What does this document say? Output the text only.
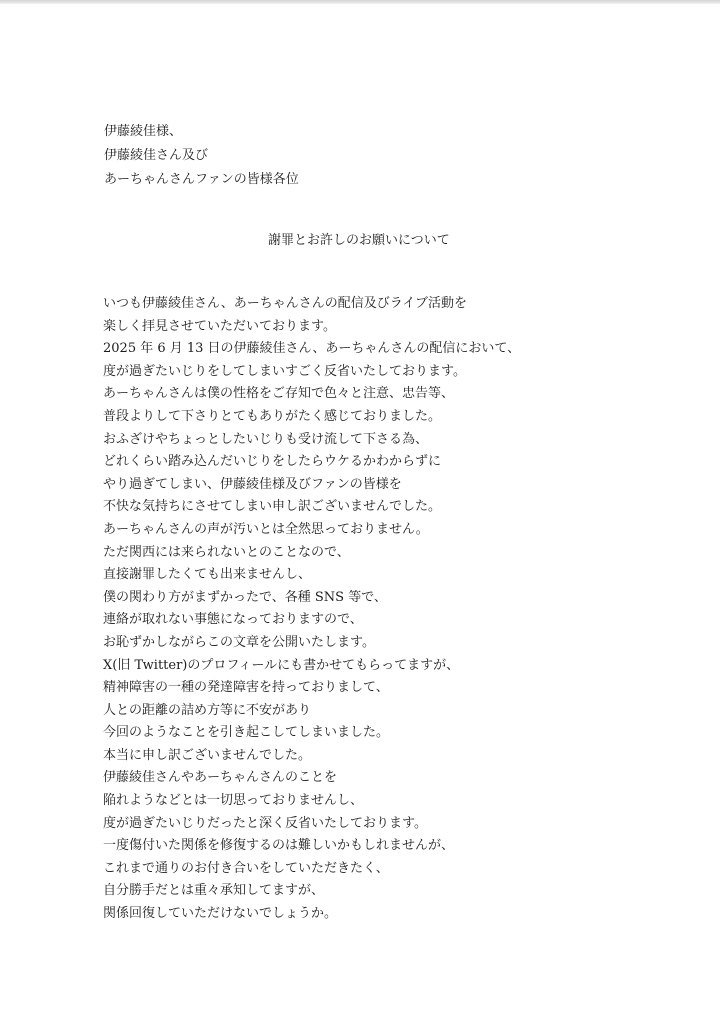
伊藤綾佳様、
伊藤綾佳さん及び
あーちゃんさんファンの皆様各位
謝罪とお許しのお願いについて
いつも伊藤綾佳さん、あーちゃんさんの配信及びライブ活動を
楽しく拝見させていただいております。
2025 年 6 月 13 日の伊藤綾佳さん、あーちゃんさんの配信において、
度が過ぎたいじりをしてしまいすごく反省いたしております。
あーちゃんさんは僕の性格をご存知で色々と注意、忠告等、
普段よりして下さりとてもありがたく感じておりました。
おふざけやちょっとしたいじりも受け流して下さる為、
どれくらい踏み込んだいじりをしたらウケるかわからずに
やり過ぎてしまい、伊藤綾佳様及びファンの皆様を
不快な気持ちにさせてしまい申し訳ございませんでした。
あーちゃんさんの声が汚いとは全然思っておりません。
ただ関西には来られないとのことなので、
直接謝罪したくても出来ませんし、
僕の関わり方がまずかったで、各種 SNS 等で、
連絡が取れない事態になっておりますので、
お恥ずかしながらこの文章を公開いたします。
X(旧 Twitter)のプロフィールにも書かせてもらってますが、
精神障害の一種の発達障害を持っておりまして、
人との距離の詰め方等に不安があり
今回のようなことを引き起こしてしまいました。
本当に申し訳ございませんでした。
伊藤綾佳さんやあーちゃんさんのことを
陥れようなどとは一切思っておりませんし、
度が過ぎたいじりだったと深く反省いたしております。
一度傷付いた関係を修復するのは難しいかもしれませんが、
これまで通りのお付き合いをしていただきたく、
自分勝手だとは重々承知してますが、
関係回復していただけないでしょうか。
